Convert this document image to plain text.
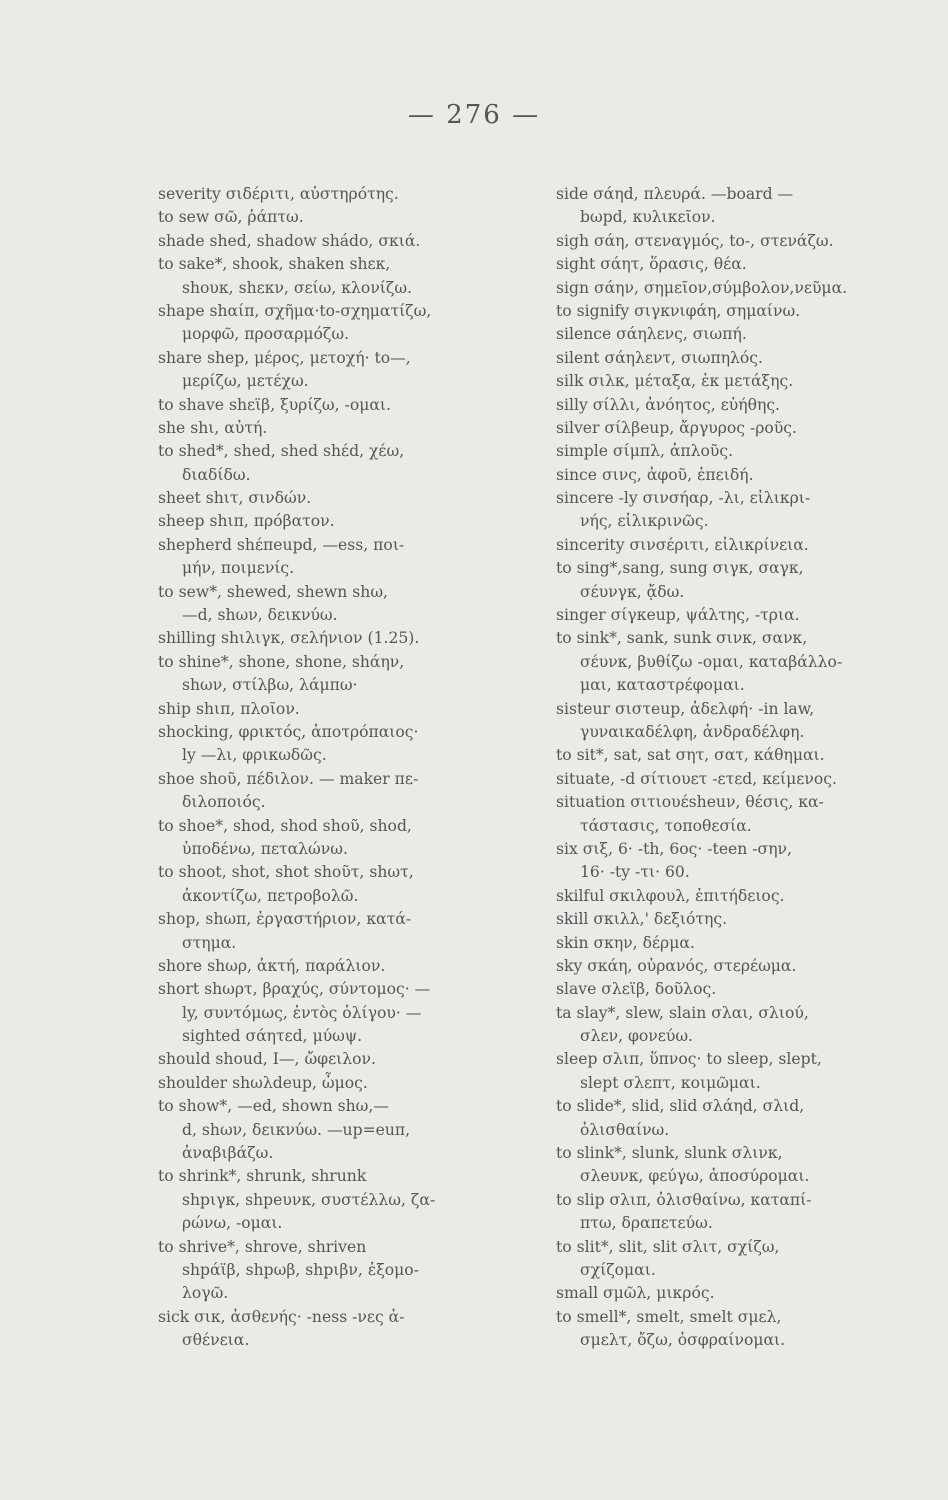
— 276 —
severity σιδέριτι, αὐστηρότης.
to sew σῶ, ῥάπτω.
shade shed, shadow shádo, σκιά.
to sake*, shook, shaken shεκ,
shουκ, shεκν, σείω, κλονίζω.
shape shαίπ, σχῆμα·to-σχηματίζω,
μορφῶ, προσαρμόζω.
share shep, μέρος, μετοχή· to—,
μερίζω, μετέχω.
to shave shεϊβ, ξυρίζω, -ομαι.
she shι, αὐτή.
to shed*, shed, shed shέd, χέω,
διαδίδω.
sheet shιτ, σινδών.
sheep shιπ, πρόβατον.
shepherd shέπeupd, —ess, ποι-
μήν, ποιμενίς.
to sew*, shewed, shewn shω,
—d, shων, δεικνύω.
shilling shιλιγκ, σελήνιον (1.25).
to shine*, shone, shone, shάην,
shων, στίλβω, λάμπω·
ship shιπ, πλοῖον.
shocking, φρικτός, ἀποτρόπαιος·
ly —λι, φρικωδῶς.
shoe shoῦ, πέδιλον. — maker πε-
διλοποιός.
to shoe*, shod, shod shoῦ, shod,
ὑποδένω, πεταλώνω.
to shoot, shot, shot shoῦτ, shωτ,
ἀκοντίζω, πετροβολῶ.
shop, shωπ, ἐργαστήριον, κατά-
στημα.
shore shωρ, ἀκτή, παράλιον.
short shωρτ, βραχύς, σύντομος· —
ly, συντόμως, ἐντὸς ὀλίγου· —
sighted σάητεd, μύωψ.
should shoud, I—, ὤφειλον.
shoulder shωλdeup, ὦμος.
to show*, —ed, shown shω,—
d, shων, δεικνύω. —up=euπ,
ἀναβιβάζω.
to shrink*, shrunk, shrunk
shpιγκ, shpeυνκ, συστέλλω, ζα-
ρώνω, -ομαι.
to shrive*, shrove, shriven
shpάϊβ, shpωβ, shpιβν, ἐξομο-
λογῶ.
sick σικ, ἀσθενής· -ness -νες ἀ-
σθένεια.
side σάηd, πλευρά. —board —
bωpd, κυλικεῖον.
sigh σάη, στεναγμός, to-, στενάζω.
sight σάητ, ὅρασις, θέα.
sign σάην, σημεῖον,σύμβολον,νεῦμα.
to signify σιγκνιφάη, σημαίνω.
silence σάηλενς, σιωπή.
silent σάηλεντ, σιωπηλός.
silk σιλκ, μέταξα, ἐκ μετάξης.
silly σίλλι, ἀνόητος, εὐήθης.
silver σίλβeup, ἄργυρος -ροῦς.
simple σίμπλ, ἁπλοῦς.
since σινς, ἀφοῦ, ἐπειδή.
sincere -ly σινσήαρ, -λι, εἰλικρι-
νής, εἰλικρινῶς.
sincerity σινσέριτι, εἰλικρίνεια.
to sing*,sang, sung σιγκ, σαγκ,
σέυνγκ, ᾄδω.
singer σίγκeup, ψάλτης, -τρια.
to sink*, sank, sunk σινκ, σανκ,
σέυνκ, βυθίζω -ομαι, καταβάλλο-
μαι, καταστρέφομαι.
sisteur σιστeup, ἀδελφή· -in law,
γυναικαδέλφη, ἀνδραδέλφη.
to sit*, sat, sat σητ, σατ, κάθημαι.
situate, -d σίτιουετ -ετεd, κείμενος.
situation σιτιουέsheuν, θέσις, κα-
τάστασις, τοποθεσία.
six σιξ, 6· -th, 6ος· -teen -σην,
16· -ty -τι· 60.
skilful σκιλφουλ, ἐπιτήδειος.
skill σκιλλ,' δεξιότης.
skin σκην, δέρμα.
sky σκάη, οὐρανός, στερέωμα.
slave σλεϊβ, δοῦλος.
ta slay*, slew, slain σλαι, σλιού,
σλεν, φονεύω.
sleep σλιπ, ὕπνος· to sleep, slept,
slept σλεπτ, κοιμῶμαι.
to slide*, slid, slid σλάηd, σλιd,
ὀλισθαίνω.
to slink*, slunk, slunk σλινκ,
σλeυνκ, φεύγω, ἀποσύρομαι.
to slip σλιπ, ὀλισθαίνω, καταπί-
πτω, δραπετεύω.
to slit*, slit, slit σλιτ, σχίζω,
σχίζομαι.
small σμῶλ, μικρός.
to smell*, smelt, smelt σμελ,
σμελτ, ὄζω, ὀσφραίνομαι.
